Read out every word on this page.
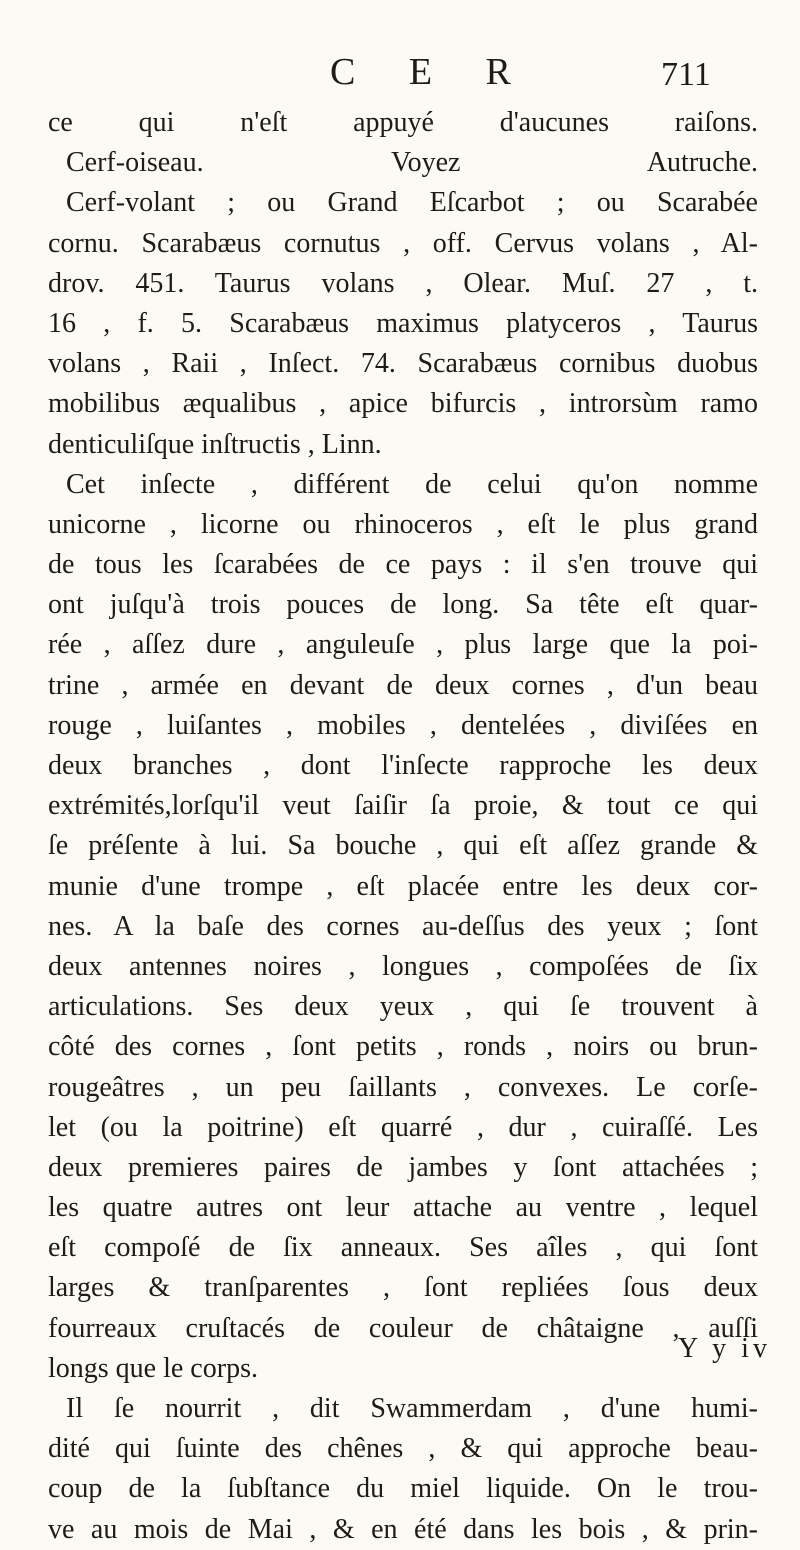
C E R	711
ce qui n'eſt appuyé d'aucunes raiſons.
Cerf-oiseau. Voyez Autruche.
Cerf-volant ; ou Grand Eſcarbot ; ou Scarabée
cornu. Scarabæus cornutus , off. Cervus volans , Al-
drov. 451. Taurus volans , Olear. Muſ. 27 , t.
16 , f. 5. Scarabæus maximus platyceros , Taurus
volans , Raii , Inſect. 74. Scarabæus cornibus duobus
mobilibus æqualibus , apice bifurcis , introrsùm ramo
denticuliſque inſtructis , Linn.
Cet inſecte , différent de celui qu'on nomme
unicorne , licorne ou rhinoceros , eſt le plus grand
de tous les ſcarabées de ce pays : il s'en trouve qui
ont juſqu'à trois pouces de long. Sa tête eſt quar-
rée , aſſez dure , anguleuſe , plus large que la poi-
trine , armée en devant de deux cornes , d'un beau
rouge , luiſantes , mobiles , dentelées , diviſées en
deux branches , dont l'inſecte rapproche les deux
extrémités,lorſqu'il veut ſaiſir ſa proie, & tout ce qui
ſe préſente à lui. Sa bouche , qui eſt aſſez grande &
munie d'une trompe , eſt placée entre les deux cor-
nes. A la baſe des cornes au-deſſus des yeux ; ſont
deux antennes noires , longues , compoſées de ſix
articulations. Ses deux yeux , qui ſe trouvent à
côté des cornes , ſont petits , ronds , noirs ou brun-
rougeâtres , un peu ſaillants , convexes. Le corſe-
let (ou la poitrine) eſt quarré , dur , cuiraſſé. Les
deux premieres paires de jambes y ſont attachées ;
les quatre autres ont leur attache au ventre , lequel
eſt compoſé de ſix anneaux. Ses aîles , qui ſont
larges & tranſparentes , ſont repliées ſous deux
fourreaux cruſtacés de couleur de châtaigne , auſſi
longs que le corps.
Il ſe nourrit , dit Swammerdam , d'une humi-
dité qui ſuinte des chênes , & qui approche beau-
coup de la ſubſtance du miel liquide. On le trou-
ve au mois de Mai , & en été dans les bois , & prin-
Y y iv
